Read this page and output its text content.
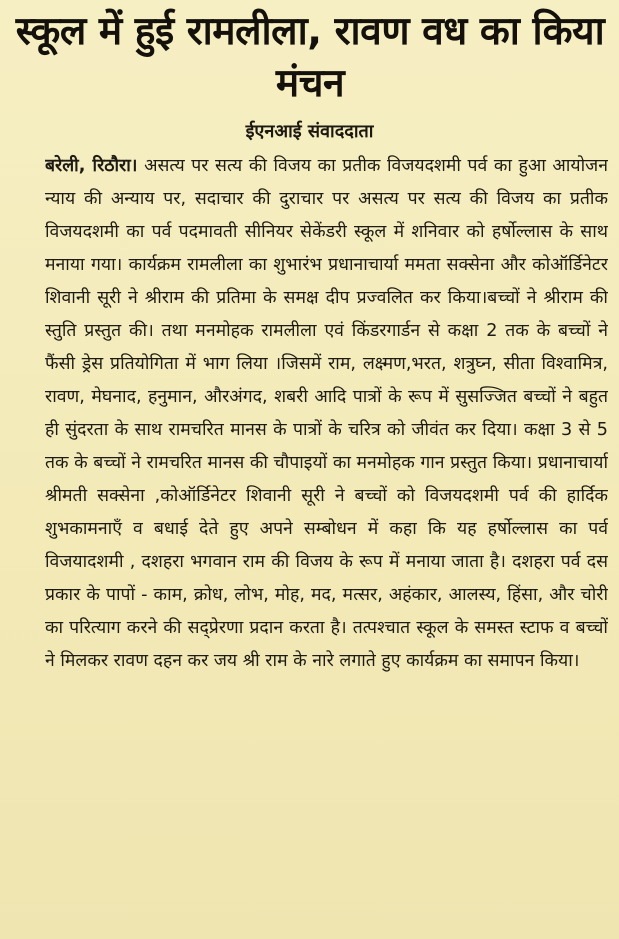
स्कूल में हुई रामलीला, रावण वध का किया मंचन
ईएनआई संवाददाता

बरेली, रिठौरा। असत्य पर सत्य की विजय का प्रतीक विजयदशमी पर्व का हुआ आयोजन न्याय की अन्याय पर, सदाचार की दुराचार पर असत्य पर सत्य की विजय का प्रतीक विजयदशमी का पर्व पदमावती सीनियर सेकेंडरी स्कूल में शनिवार को हर्षोल्लास के साथ मनाया गया। कार्यक्रम रामलीला का शुभारंभ प्रधानाचार्या ममता सक्सेना और कोऑर्डिनेटर शिवानी सूरी ने श्रीराम की प्रतिमा के समक्ष दीप प्रज्वलित कर किया।बच्चों ने श्रीराम की स्तुति प्रस्तुत की। तथा मनमोहक रामलीला एवं किंडरगार्डन से कक्षा 2 तक के बच्चों ने फैंसी ड्रेस प्रतियोगिता में भाग लिया ।जिसमें राम, लक्ष्मण,भरत, शत्रुघ्न, सीता विश्वामित्र, रावण, मेघनाद, हनुमान, औरअंगद, शबरी आदि पात्रों के रूप में सुसज्जित बच्चों ने बहुत ही सुंदरता के साथ रामचरित मानस के पात्रों के चरित्र को जीवंत कर दिया। कक्षा 3 से 5 तक के बच्चों ने रामचरित मानस की चौपाइयों का मनमोहक गान प्रस्तुत किया। प्रधानाचार्या श्रीमती सक्सेना ,कोऑर्डिनेटर शिवानी सूरी ने बच्चों को विजयदशमी पर्व की हार्दिक शुभकामनाएँ व बधाई देते हुए अपने सम्बोधन में कहा कि यह हर्षोल्लास का पर्व विजयादशमी , दशहरा भगवान राम की विजय के रूप में मनाया जाता है। दशहरा पर्व दस प्रकार के पापों - काम, क्रोध, लोभ, मोह, मद, मत्सर, अहंकार, आलस्य, हिंसा, और चोरी का परित्याग करने की सद्प्रेरणा प्रदान करता है। तत्पश्चात स्कूल के समस्त स्टाफ व बच्चों ने मिलकर रावण दहन कर जय श्री राम के नारे लगाते हुए कार्यक्रम का समापन किया।
